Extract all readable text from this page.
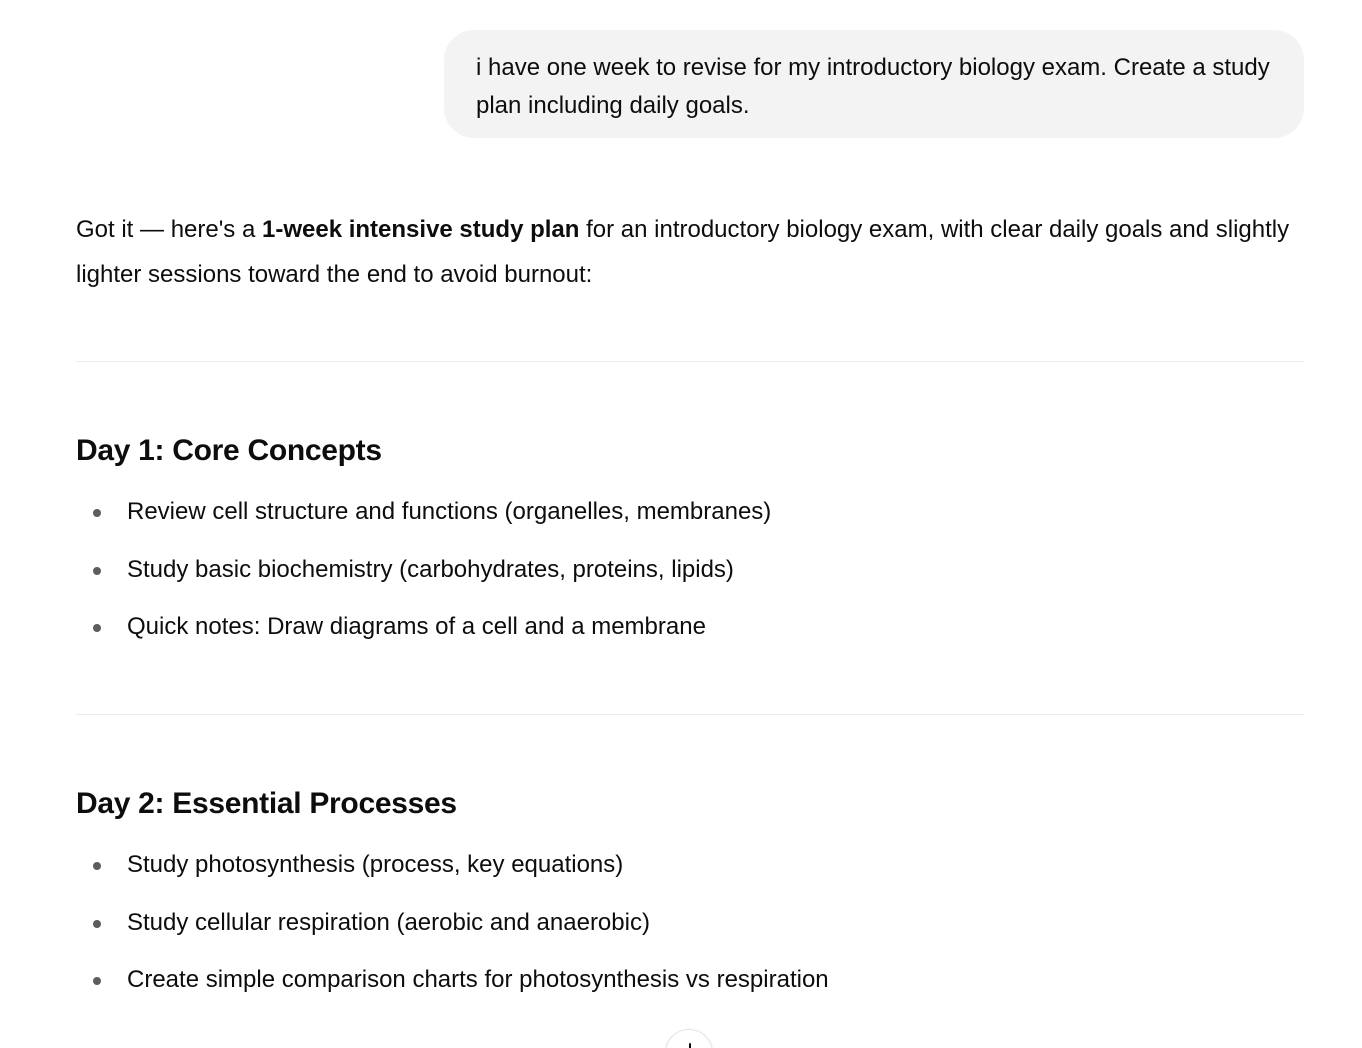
i have one week to revise for my introductory biology exam. Create a study plan including daily goals.

Got it — here's a 1-week intensive study plan for an introductory biology exam, with clear daily goals and slightly lighter sessions toward the end to avoid burnout:

Day 1: Core Concepts
Review cell structure and functions (organelles, membranes)
Study basic biochemistry (carbohydrates, proteins, lipids)
Quick notes: Draw diagrams of a cell and a membrane
Day 2: Essential Processes
Study photosynthesis (process, key equations)
Study cellular respiration (aerobic and anaerobic)
Create simple comparison charts for photosynthesis vs respiration
